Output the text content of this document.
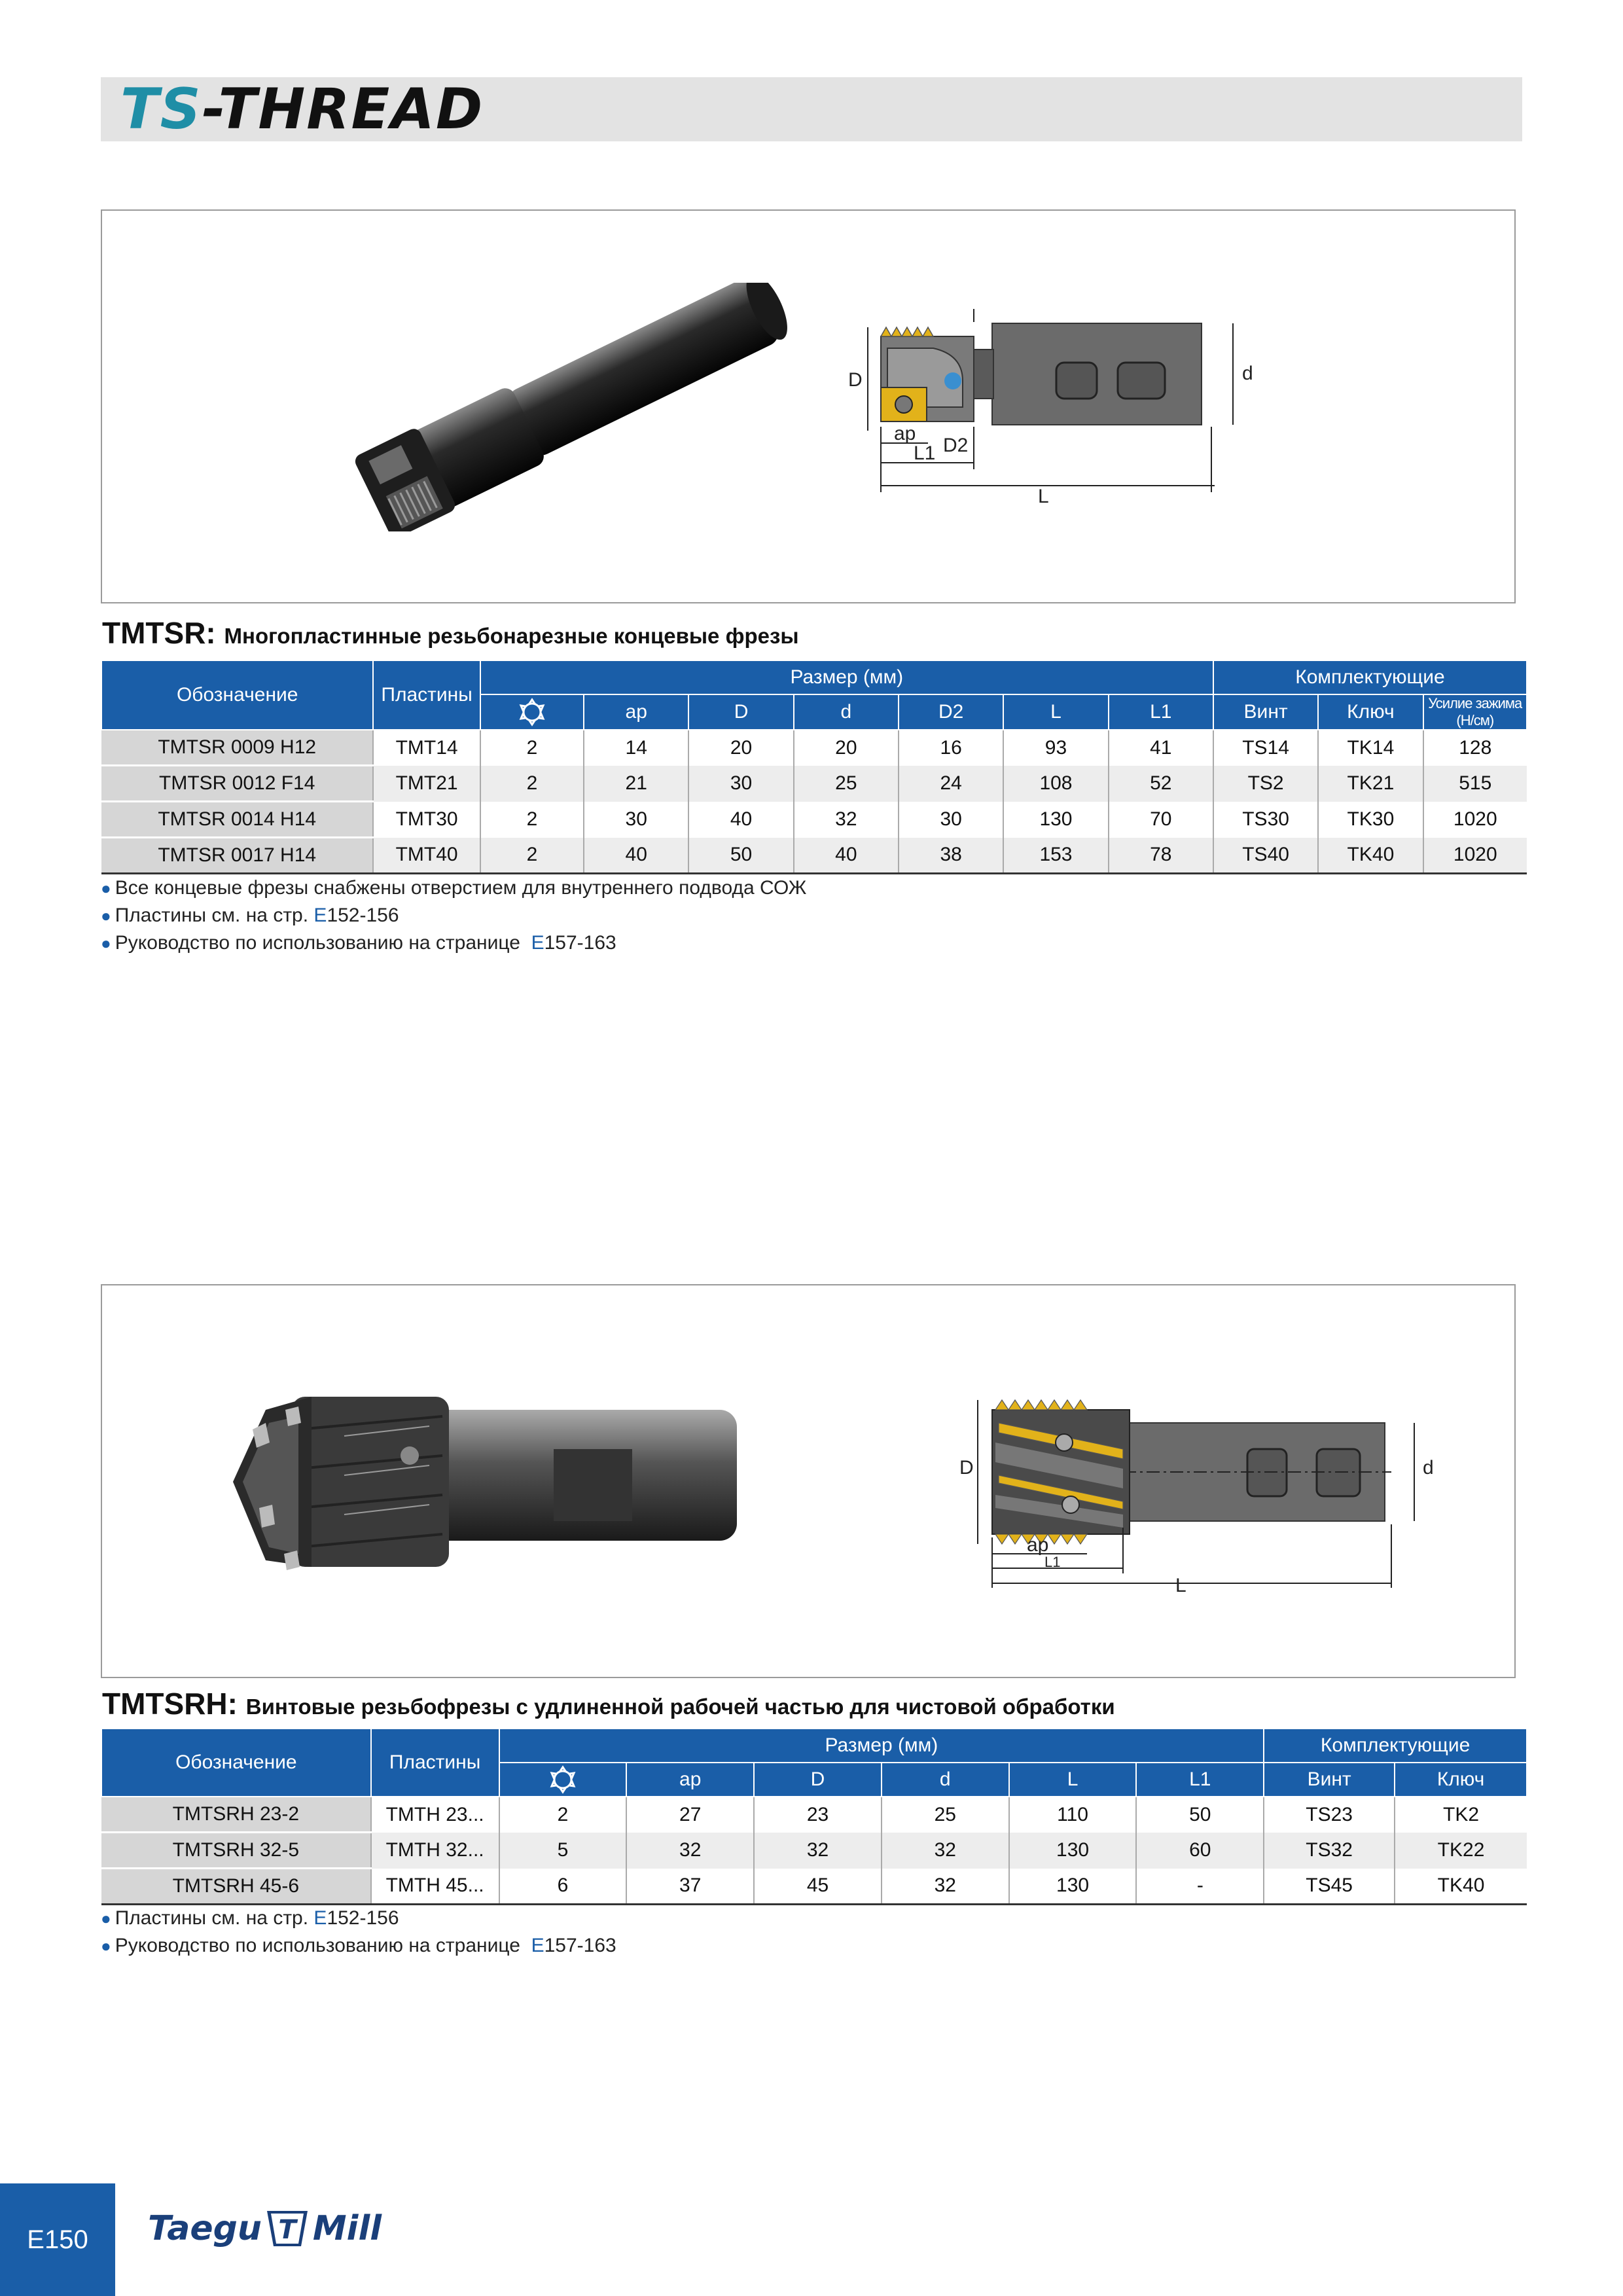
TS -THREAD
D	d
D2
ap
L1
L
TMTSR: Многопластинные резьбонарезные концевые фрезы
Обозначение	Пластины	Размер (мм)							Комплектующие		
	ap	D	d	D2	L	L1	Винт	Ключ	Усилие зажима (Н/см)
TMTSR 0009 H12	TMT14	2	14	20	20	16	93	41	TS14	TK14	128
TMTSR 0012 F14	TMT21	2	21	30	25	24	108	52	TS2	TK21	515
TMTSR 0014 H14	TMT30	2	30	40	32	30	130	70	TS30	TK30	1020
TMTSR 0017 H14	TMT40	2	40	50	40	38	153	78	TS40	TK40	1020
● Все концевые фрезы снабжены отверстием для внутреннего подвода СОЖ
● Пластины см. на стр. E152-156
● Руководство по использованию на странице  E157-163
D	d
ap
L1
L
TMTSRH: Винтовые резьбофрезы с удлиненной рабочей частью для чистовой обработки
Обозначение	Пластины	Размер (мм)						Комплектующие	
	ap	D	d	L	L1	Винт	Ключ
TMTSRH 23-2	TMTH 23...	2	27	23	25	110	50	TS23	TK2
TMTSRH 32-5	TMTH 32...	5	32	32	32	130	60	TS32	TK22
TMTSRH 45-6	TMTH 45...	6	37	45	32	130	-	TS45	TK40
● Пластины см. на стр. E152-156
● Руководство по использованию на странице  E157-163
E150 Taegu T Mill
